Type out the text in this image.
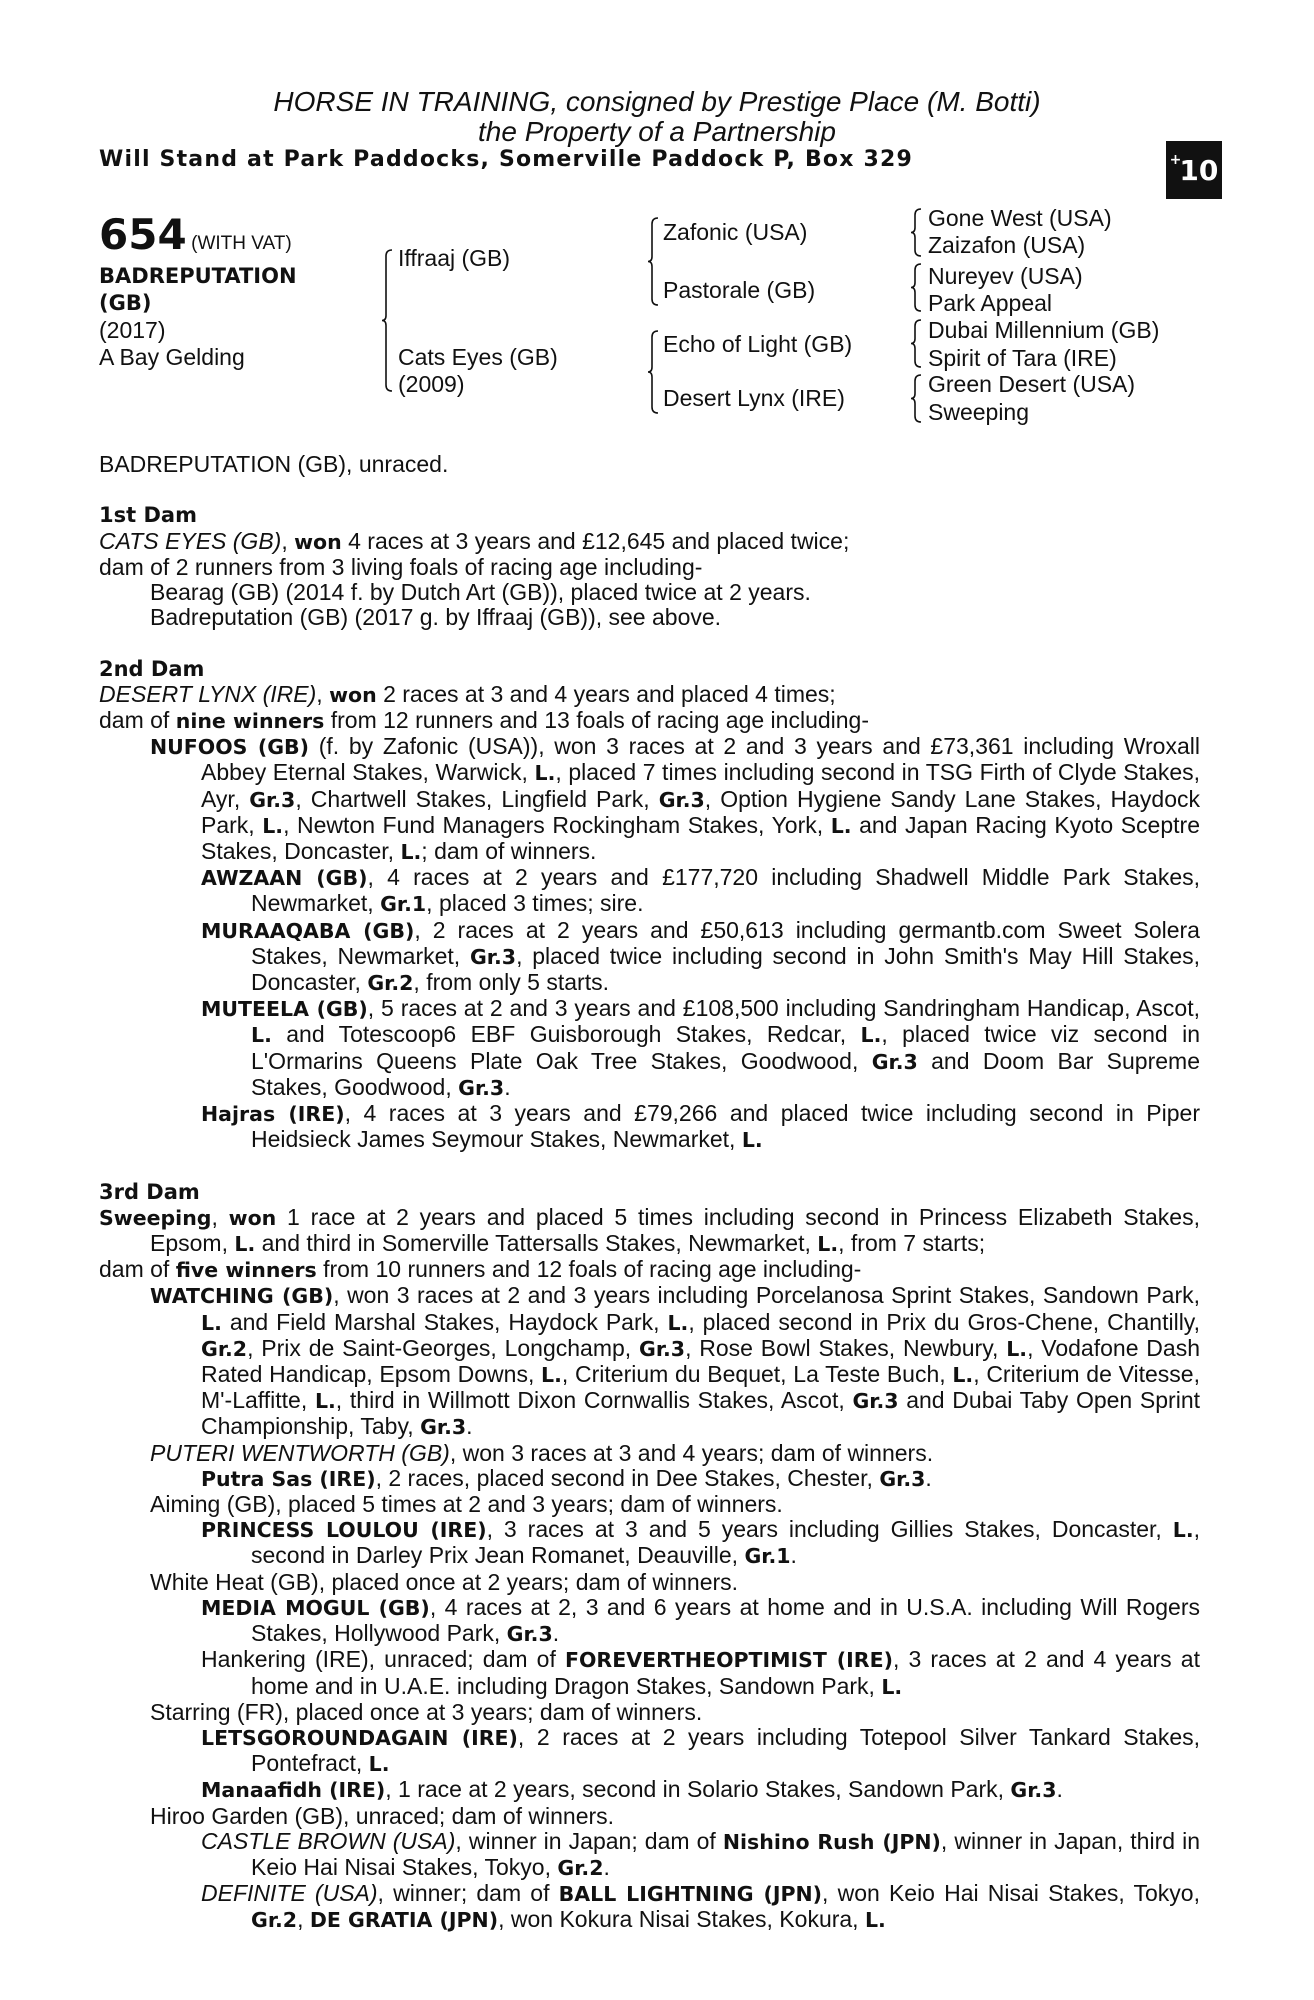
HORSE IN TRAINING, consigned by Prestige Place (M. Botti)
the Property of a Partnership
Will Stand at Park Paddocks, Somerville Paddock P, Box 329	+
10
654 (WITH VAT)
BADREPUTATION
(GB)
(2017)
A Bay Gelding
Iffraaj (GB)
Cats Eyes (GB)
(2009)
Zafonic (USA)
Pastorale (GB)
Echo of Light (GB)
Desert Lynx (IRE)
Gone West (USA)
Zaizafon (USA)
Nureyev (USA)
Park Appeal
Dubai Millennium (GB)
Spirit of Tara (IRE)
Green Desert (USA)
Sweeping
BADREPUTATION (GB), unraced.
1st Dam
CATS EYES (GB), won 4 races at 3 years and £12,645 and placed twice;
dam of 2 runners from 3 living foals of racing age including-
Bearag (GB) (2014 f. by Dutch Art (GB)), placed twice at 2 years.
Badreputation (GB) (2017 g. by Iffraaj (GB)), see above.
2nd Dam
DESERT LYNX (IRE), won 2 races at 3 and 4 years and placed 4 times;
dam of nine winners from 12 runners and 13 foals of racing age including-
NUFOOS (GB) (f. by Zafonic (USA)), won 3 races at 2 and 3 years and £73,361 including Wroxall Abbey Eternal Stakes, Warwick, L., placed 7 times including second in TSG Firth of Clyde Stakes, Ayr, Gr.3, Chartwell Stakes, Lingfield Park, Gr.3, Option Hygiene Sandy Lane Stakes, Haydock Park, L., Newton Fund Managers Rockingham Stakes, York, L. and Japan Racing Kyoto Sceptre Stakes, Doncaster, L.; dam of winners.
AWZAAN (GB), 4 races at 2 years and £177,720 including Shadwell Middle Park Stakes, Newmarket, Gr.1, placed 3 times; sire.
MURAAQABA (GB), 2 races at 2 years and £50,613 including germantb.com Sweet Solera Stakes, Newmarket, Gr.3, placed twice including second in John Smith's May Hill Stakes, Doncaster, Gr.2, from only 5 starts.
MUTEELA (GB), 5 races at 2 and 3 years and £108,500 including Sandringham Handicap, Ascot, L. and Totescoop6 EBF Guisborough Stakes, Redcar, L., placed twice viz second in L'Ormarins Queens Plate Oak Tree Stakes, Goodwood, Gr.3 and Doom Bar Supreme Stakes, Goodwood, Gr.3.
Hajras (IRE), 4 races at 3 years and £79,266 and placed twice including second in Piper Heidsieck James Seymour Stakes, Newmarket, L.
3rd Dam
Sweeping, won 1 race at 2 years and placed 5 times including second in Princess Elizabeth Stakes, Epsom, L. and third in Somerville Tattersalls Stakes, Newmarket, L., from 7 starts;
dam of five winners from 10 runners and 12 foals of racing age including-
WATCHING (GB), won 3 races at 2 and 3 years including Porcelanosa Sprint Stakes, Sandown Park, L. and Field Marshal Stakes, Haydock Park, L., placed second in Prix du Gros-Chene, Chantilly, Gr.2, Prix de Saint-Georges, Longchamp, Gr.3, Rose Bowl Stakes, Newbury, L., Vodafone Dash Rated Handicap, Epsom Downs, L., Criterium du Bequet, La Teste Buch, L., Criterium de Vitesse, M'-Laffitte, L., third in Willmott Dixon Cornwallis Stakes, Ascot, Gr.3 and Dubai Taby Open Sprint Championship, Taby, Gr.3.
PUTERI WENTWORTH (GB), won 3 races at 3 and 4 years; dam of winners.
Putra Sas (IRE), 2 races, placed second in Dee Stakes, Chester, Gr.3.
Aiming (GB), placed 5 times at 2 and 3 years; dam of winners.
PRINCESS LOULOU (IRE), 3 races at 3 and 5 years including Gillies Stakes, Doncaster, L., second in Darley Prix Jean Romanet, Deauville, Gr.1.
White Heat (GB), placed once at 2 years; dam of winners.
MEDIA MOGUL (GB), 4 races at 2, 3 and 6 years at home and in U.S.A. including Will Rogers Stakes, Hollywood Park, Gr.3.
Hankering (IRE), unraced; dam of FOREVERTHEOPTIMIST (IRE), 3 races at 2 and 4 years at home and in U.A.E. including Dragon Stakes, Sandown Park, L.
Starring (FR), placed once at 3 years; dam of winners.
LETSGOROUNDAGAIN (IRE), 2 races at 2 years including Totepool Silver Tankard Stakes, Pontefract, L.
Manaafidh (IRE), 1 race at 2 years, second in Solario Stakes, Sandown Park, Gr.3.
Hiroo Garden (GB), unraced; dam of winners.
CASTLE BROWN (USA), winner in Japan; dam of Nishino Rush (JPN), winner in Japan, third in Keio Hai Nisai Stakes, Tokyo, Gr.2.
DEFINITE (USA), winner; dam of BALL LIGHTNING (JPN), won Keio Hai Nisai Stakes, Tokyo, Gr.2, DE GRATIA (JPN), won Kokura Nisai Stakes, Kokura, L.
